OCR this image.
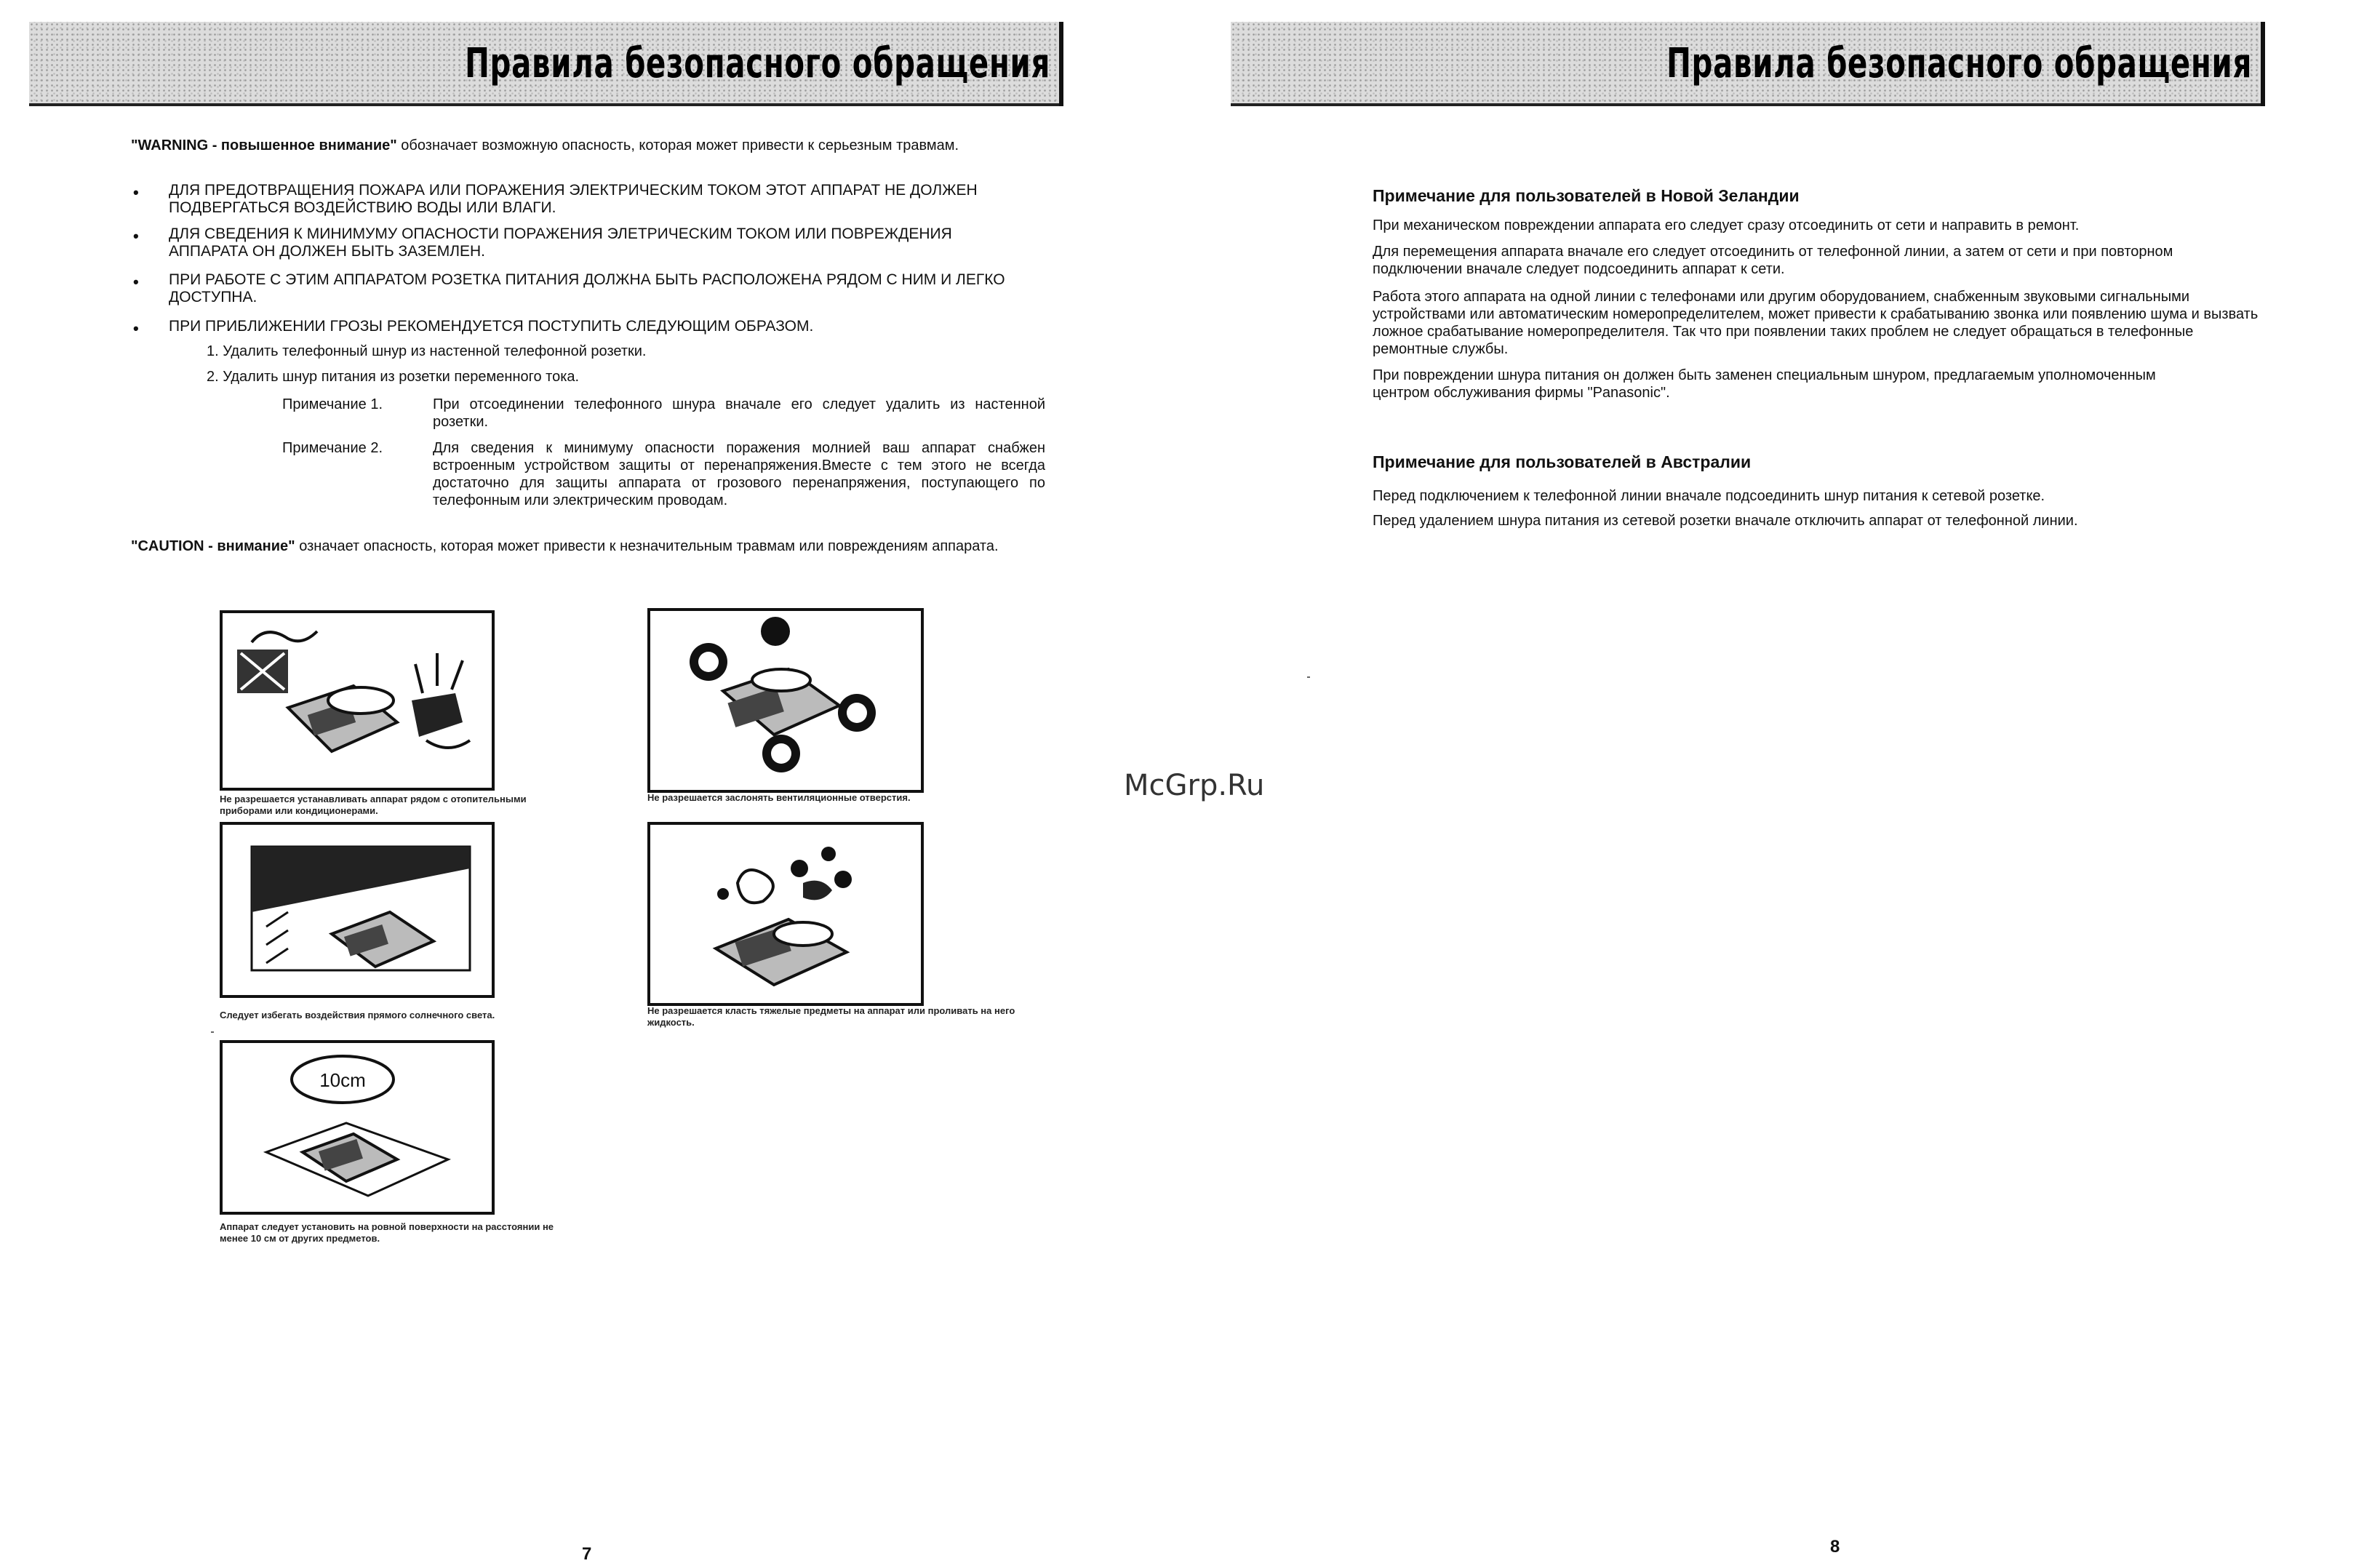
Правила безопасного обращения
"WARNING - повышенное внимание" обозначает возможную опасность, которая может привести к серьезным травмам.
• ДЛЯ ПРЕДОТВРАЩЕНИЯ ПОЖАРА ИЛИ ПОРАЖЕНИЯ ЭЛЕКТРИЧЕСКИМ ТОКОМ ЭТОТ АППАРАТ НЕ ДОЛЖЕН ПОДВЕРГАТЬСЯ ВОЗДЕЙСТВИЮ ВОДЫ ИЛИ ВЛАГИ.
• ДЛЯ СВЕДЕНИЯ К МИНИМУМУ ОПАСНОСТИ ПОРАЖЕНИЯ ЭЛЕТРИЧЕСКИМ ТОКОМ ИЛИ ПОВРЕЖДЕНИЯ АППАРАТА ОН ДОЛЖЕН БЫТЬ ЗАЗЕМЛЕН.
• ПРИ РАБОТЕ С ЭТИМ АППАРАТОМ РОЗЕТКА ПИТАНИЯ ДОЛЖНА БЫТЬ РАСПОЛОЖЕНА РЯДОМ С НИМ И ЛЕГКО ДОСТУПНА.
• ПРИ ПРИБЛИЖЕНИИ ГРОЗЫ РЕКОМЕНДУЕТСЯ ПОСТУПИТЬ СЛЕДУЮЩИМ ОБРАЗОМ.
1. Удалить телефонный шнур из настенной телефонной розетки.
2. Удалить шнур питания из розетки переменного тока.
Примечание 1.	При отсоединении телефонного шнура вначале его следует удалить из настенной розетки.
Примечание 2.	Для сведения к минимуму опасности поражения молнией ваш аппарат снабжен встроенным устройством защиты от перенапряжения.Вместе с тем этого не всегда достаточно для защиты аппарата от грозового перенапряжения, поступающего по телефонным или электрическим проводам.
"CAUTION - внимание" означает опасность, которая может привести к незначительным травмам или повреждениям аппарата.
Не разрешается устанавливать аппарат рядом с отопительными приборами или кондиционерами.
Не разрешается заслонять вентиляционные отверстия.
Следует избегать воздействия прямого солнечного света.	Не разрешается класть тяжелые предметы на аппарат или проливать на него жидкость.
10cm
Аппарат следует установить на ровной поверхности на расстоянии не менее 10 см от других предметов.
7
McGrp.Ru
Правила безопасного обращения
Примечание для пользователей в Новой Зеландии
При механическом повреждении аппарата его следует сразу отсоединить от сети и направить в ремонт.
Для перемещения аппарата вначале его следует отсоединить от телефонной линии, а затем от сети и при повторном подключении вначале следует подсоединить аппарат к сети.
Работа этого аппарата на одной линии с телефонами или другим оборудованием, снабженным звуковыми сигнальными устройствами или автоматическим номеропределителем, может привести к срабатыванию звонка или появлению шума и вызвать ложное срабатывание номеропределителя. Так что при появлении таких проблем не следует обращаться в телефонные ремонтные службы.
При повреждении шнура питания он должен быть заменен специальным шнуром, предлагаемым уполномоченным центром обслуживания фирмы "Panasonic".
Примечание для пользователей в Австралии
Перед подключением к телефонной линии вначале подсоединить шнур питания к сетевой розетке.
Перед удалением шнура питания из сетевой розетки вначале отключить аппарат от телефонной линии.
8
